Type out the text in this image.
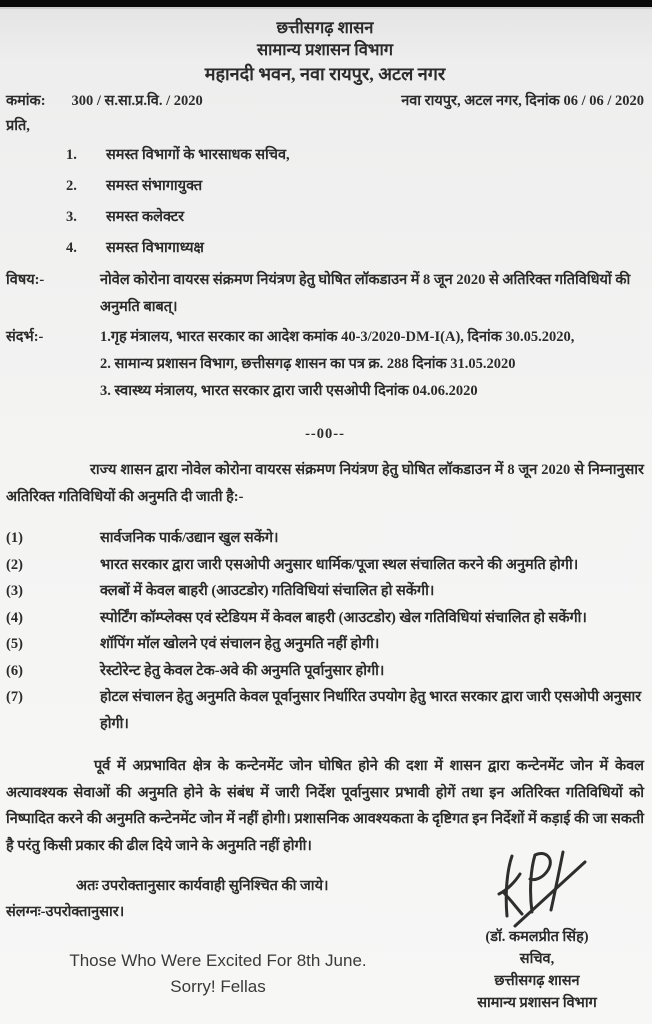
छत्तीसगढ़ शासन
सामान्य प्रशासन विभाग
महानदी भवन, नवा रायपुर, अटल नगर
कमांक: 300 / स.सा.प्र.वि. / 2020	नवा रायपुर, अटल नगर, दिनांक 06 / 06 / 2020
प्रति,
1.	समस्त विभागों के भारसाधक सचिव,
2.	समस्त संभागायुक्त
3.	समस्त कलेक्टर
4.	समस्त विभागाध्यक्ष
विषय:-	नोवेल कोरोना वायरस संक्रमण नियंत्रण हेतु घोषित लॉकडाउन में 8 जून 2020 से अतिरिक्त गतिविधियों की अनुमति बाबत्।
संदर्भ:-	1.गृह मंत्रालय, भारत सरकार का आदेश कमांक 40-3/2020-DM-I(A), दिनांक 30.05.2020,
2. सामान्य प्रशासन विभाग, छत्तीसगढ़ शासन का पत्र क्र. 288 दिनांक 31.05.2020
3. स्वास्थ्य मंत्रालय, भारत सरकार द्वारा जारी एसओपी दिनांक 04.06.2020
--00--
राज्य शासन द्वारा नोवेल कोरोना वायरस संक्रमण नियंत्रण हेतु घोषित लॉकडाउन में 8 जून 2020 से निम्नानुसार अतिरिक्त गतिविधियों की अनुमति दी जाती है:-
(1)	सार्वजनिक पार्क/उद्यान खुल सकेंगे।
(2)	भारत सरकार द्वारा जारी एसओपी अनुसार धार्मिक/पूजा स्थल संचालित करने की अनुमति होगी।
(3)	क्लबों में केवल बाहरी (आउटडोर) गतिविधियां संचालित हो सकेंगी।
(4)	स्पोर्टिंग कॉम्प्लेक्स एवं स्टेडियम में केवल बाहरी (आउटडोर) खेल गतिविधियां संचालित हो सकेंगी।
(5)	शॉपिंग मॉल खोलने एवं संचालन हेतु अनुमति नहीं होगी।
(6)	रेस्टोरेन्ट हेतु केवल टेक-अवे की अनुमति पूर्वानुसार होगी।
(7)	होटल संचालन हेतु अनुमति केवल पूर्वानुसार निर्धारित उपयोग हेतु भारत सरकार द्वारा जारी एसओपी अनुसार होगी।
पूर्व में अप्रभावित क्षेत्र के कन्टेनमेंट जोन घोषित होने की दशा में शासन द्वारा कन्टेनमेंट जोन में केवल अत्यावश्यक सेवाओं की अनुमति होने के संबंध में जारी निर्देश पूर्वानुसार प्रभावी होगें तथा इन अतिरिक्त गतिविधियों को निष्पादित करने की अनुमति कन्टेनमेंट जोन में नहीं होगी। प्रशासनिक आवश्यकता के दृष्टिगत इन निर्देशों में कड़ाई की जा सकती है परंतु किसी प्रकार की ढील दिये जाने के अनुमति नहीं होगी।
अतः उपरोक्तानुसार कार्यवाही सुनिश्चित की जाये।
संलग्नः-उपरोक्तानुसार।
(डॉ. कमलप्रीत सिंह)
सचिव,
छत्तीसगढ़ शासन
सामान्य प्रशासन विभाग
Those Who Were Excited For 8th June.
Sorry! Fellas
